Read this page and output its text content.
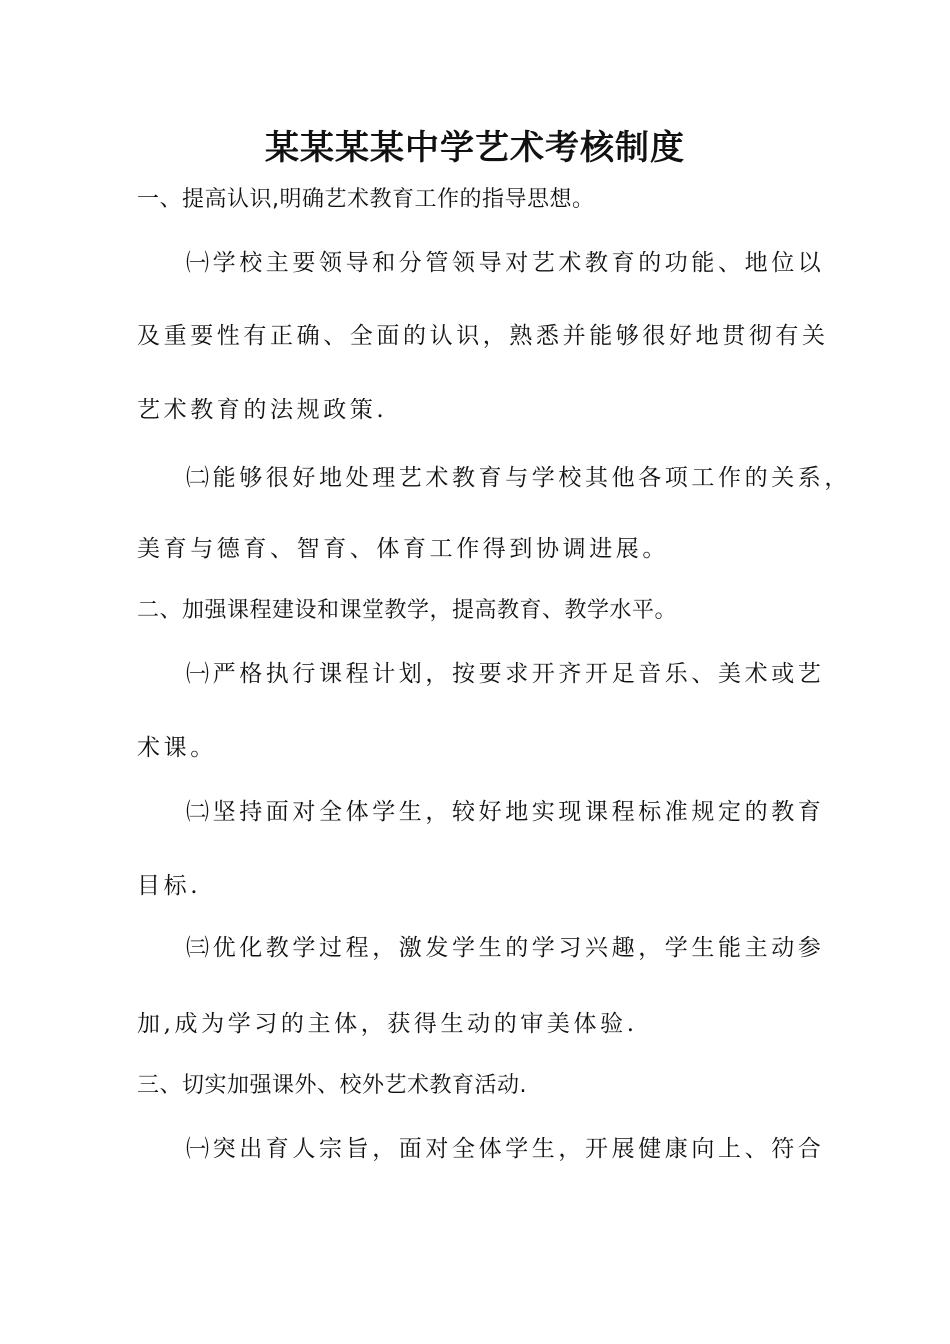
某某某某中学艺术考核制度
一、提高认识,明确艺术教育工作的指导思想。
㈠学校主要领导和分管领导对艺术教育的功能、地位以
及重要性有正确、全面的认识，熟悉并能够很好地贯彻有关
艺术教育的法规政策.
㈡能够很好地处理艺术教育与学校其他各项工作的关系，
美育与德育、智育、体育工作得到协调进展。
二、加强课程建设和课堂教学，提高教育、教学水平。
㈠严格执行课程计划，按要求开齐开足音乐、美术或艺
术课。
㈡坚持面对全体学生，较好地实现课程标准规定的教育
目标.
㈢优化教学过程，激发学生的学习兴趣，学生能主动参
加,成为学习的主体，获得生动的审美体验.
三、切实加强课外、校外艺术教育活动.
㈠突出育人宗旨，面对全体学生，开展健康向上、符合
